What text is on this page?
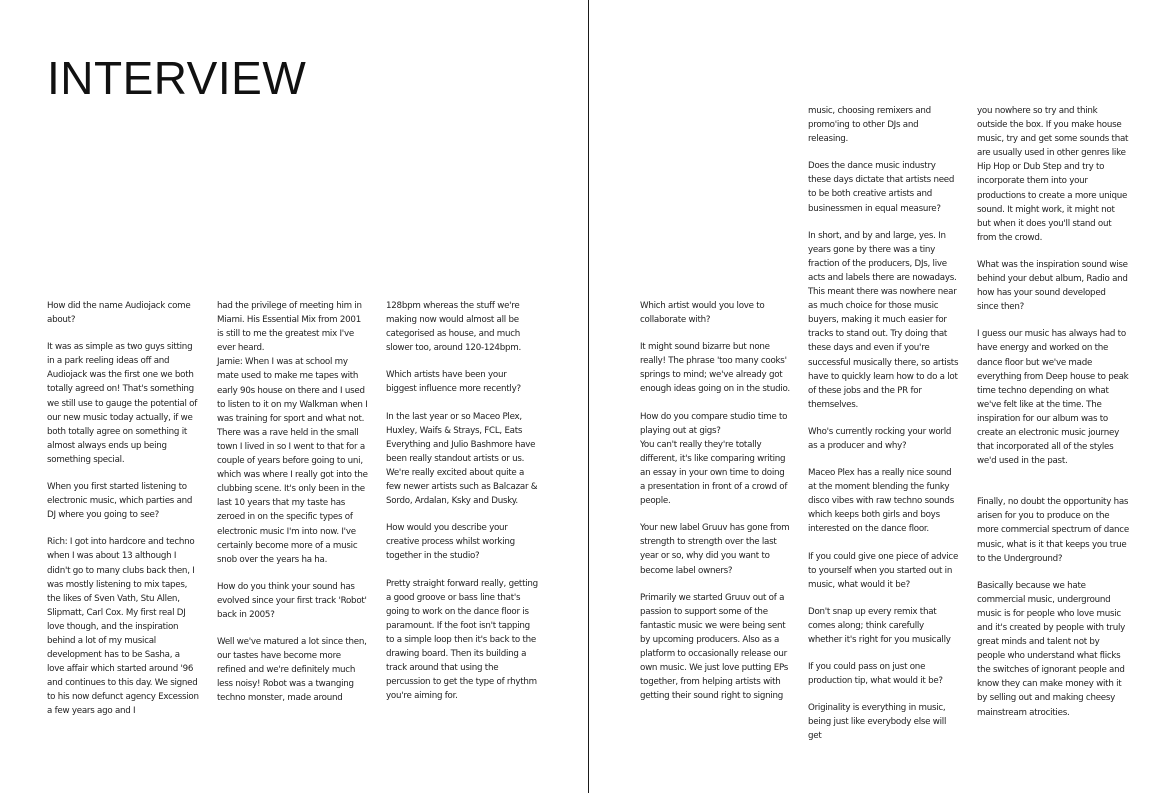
INTERVIEW

How did the name Audiojack come about?

It was as simple as two guys sitting in a park reeling ideas off and Audiojack was the first one we both totally agreed on! That's something we still use to gauge the potential of our new music today actually, if we both totally agree on something it almost always ends up being something special.

When you first started listening to electronic music, which parties and DJ where you going to see?

Rich: I got into hardcore and techno when I was about 13 although I didn't go to many clubs back then, I was mostly listening to mix tapes, the likes of Sven Vath, Stu Allen, Slipmatt, Carl Cox. My first real DJ love though, and the inspiration behind a lot of my musical development has to be Sasha, a love affair which started around '96 and continues to this day. We signed to his now defunct agency Excession a few years ago and I

had the privilege of meeting him in Miami. His Essential Mix from 2001 is still to me the greatest mix I've ever heard.

Jamie: When I was at school my mate used to make me tapes with early 90s house on there and I used to listen to it on my Walkman when I was training for sport and what not. There was a rave held in the small town I lived in so I went to that for a couple of years before going to uni, which was where I really got into the clubbing scene. It's only been in the last 10 years that my taste has zeroed in on the specific types of electronic music I'm into now. I've certainly become more of a music snob over the years ha ha.

How do you think your sound has evolved since your first track 'Robot' back in 2005?

Well we've matured a lot since then, our tastes have become more refined and we're definitely much less noisy! Robot was a twanging techno monster, made around

128bpm whereas the stuff we're making now would almost all be categorised as house, and much slower too, around 120-124bpm.

Which artists have been your biggest influence more recently?

In the last year or so Maceo Plex, Huxley, Waifs & Strays, FCL, Eats Everything and Julio Bashmore have been really standout artists or us. We're really excited about quite a few newer artists such as Balcazar & Sordo, Ardalan, Ksky and Dusky.

How would you describe your creative process whilst working together in the studio?

Pretty straight forward really, getting a good groove or bass line that's going to work on the dance floor is paramount. If the foot isn't tapping to a simple loop then it's back to the drawing board. Then its building a track around that using the percussion to get the type of rhythm you're aiming for.

Which artist would you love to collaborate with?

It might sound bizarre but none really! The phrase 'too many cooks' springs to mind; we've already got enough ideas going on in the studio.

How do you compare studio time to playing out at gigs?

You can't really they're totally different, it's like comparing writing an essay in your own time to doing a presentation in front of a crowd of people.

Your new label Gruuv has gone from strength to strength over the last year or so, why did you want to become label owners?

Primarily we started Gruuv out of a passion to support some of the fantastic music we were being sent by upcoming producers. Also as a platform to occasionally release our own music. We just love putting EPs together, from helping artists with getting their sound right to signing

music, choosing remixers and promo'ing to other DJs and releasing.

Does the dance music industry these days dictate that artists need to be both creative artists and businessmen in equal measure?

In short, and by and large, yes. In years gone by there was a tiny fraction of the producers, DJs, live acts and labels there are nowadays. This meant there was nowhere near as much choice for those music buyers, making it much easier for tracks to stand out. Try doing that these days and even if you're successful musically there, so artists have to quickly learn how to do a lot of these jobs and the PR for themselves.

Who's currently rocking your world as a producer and why?

Maceo Plex has a really nice sound at the moment blending the funky disco vibes with raw techno sounds which keeps both girls and boys interested on the dance floor.

If you could give one piece of advice to yourself when you started out in music, what would it be?

Don't snap up every remix that comes along; think carefully whether it's right for you musically

If you could pass on just one production tip, what would it be?

Originality is everything in music, being just like everybody else will get

you nowhere so try and think outside the box. If you make house music, try and get some sounds that are usually used in other genres like Hip Hop or Dub Step and try to incorporate them into your productions to create a more unique sound. It might work, it might not but when it does you'll stand out from the crowd.

What was the inspiration sound wise behind your debut album, Radio and how has your sound developed since then?

I guess our music has always had to have energy and worked on the dance floor but we've made everything from Deep house to peak time techno depending on what we've felt like at the time. The inspiration for our album was to create an electronic music journey that incorporated all of the styles we'd used in the past.

Finally, no doubt the opportunity has arisen for you to produce on the more commercial spectrum of dance music, what is it that keeps you true to the Underground?

Basically because we hate commercial music, underground music is for people who love music and it's created by people with truly great minds and talent not by people who understand what flicks the switches of ignorant people and know they can make money with it by selling out and making cheesy mainstream atrocities.
